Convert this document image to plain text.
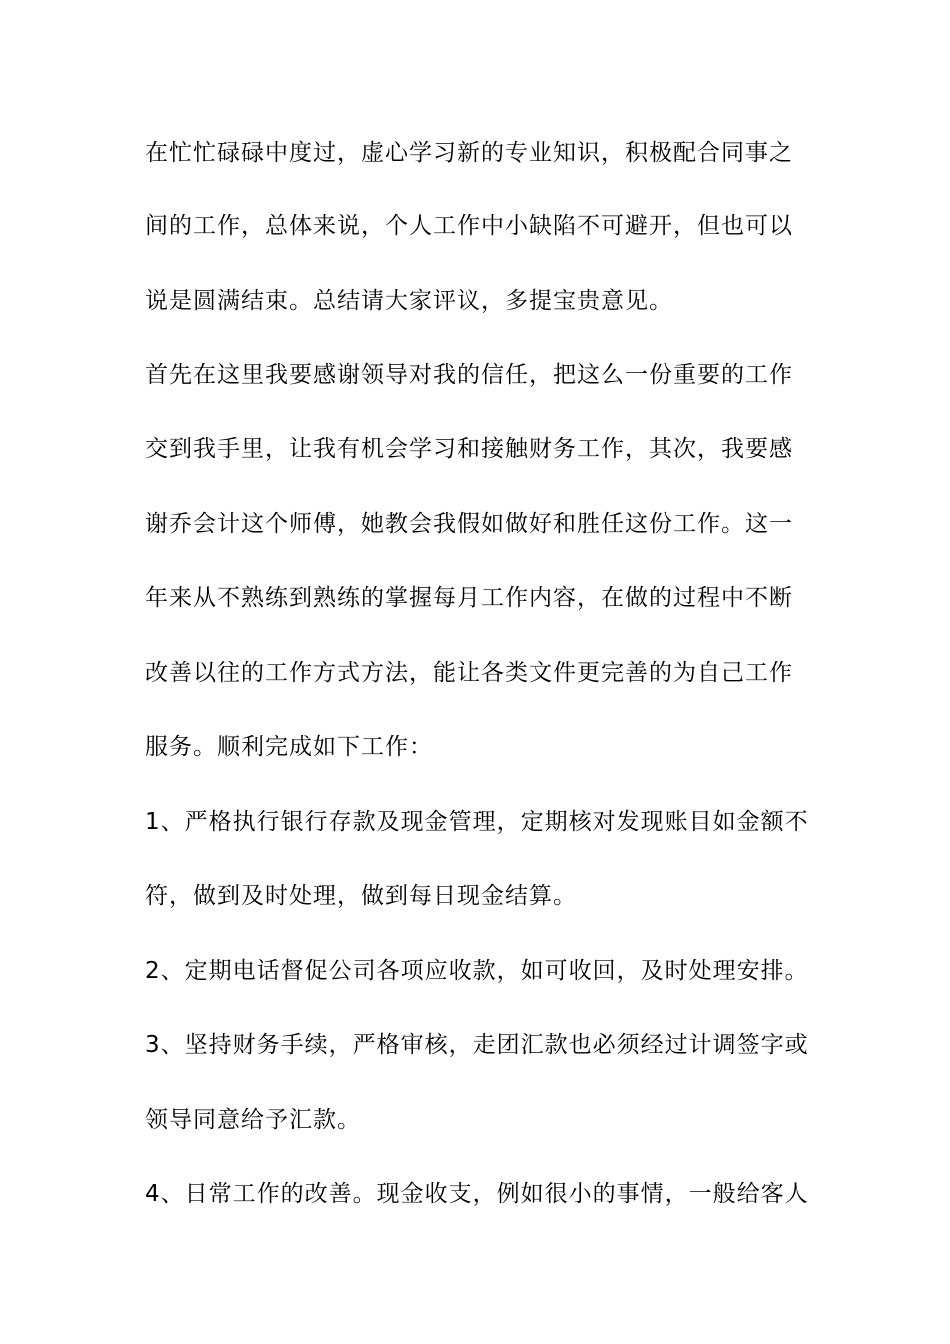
在忙忙碌碌中度过，虚心学习新的专业知识，积极配合同事之
间的工作，总体来说，个人工作中小缺陷不可避开，但也可以
说是圆满结束。总结请大家评议，多提宝贵意见。
首先在这里我要感谢领导对我的信任，把这么一份重要的工作
交到我手里，让我有机会学习和接触财务工作，其次，我要感
谢乔会计这个师傅，她教会我假如做好和胜任这份工作。这一
年来从不熟练到熟练的掌握每月工作内容，在做的过程中不断
改善以往的工作方式方法，能让各类文件更完善的为自己工作
服务。顺利完成如下工作：
1、严格执行银行存款及现金管理，定期核对发现账目如金额不
符，做到及时处理，做到每日现金结算。
2、定期电话督促公司各项应收款，如可收回，及时处理安排。
3、坚持财务手续，严格审核，走团汇款也必须经过计调签字或
领导同意给予汇款。
4、日常工作的改善。现金收支，例如很小的事情，一般给客人
